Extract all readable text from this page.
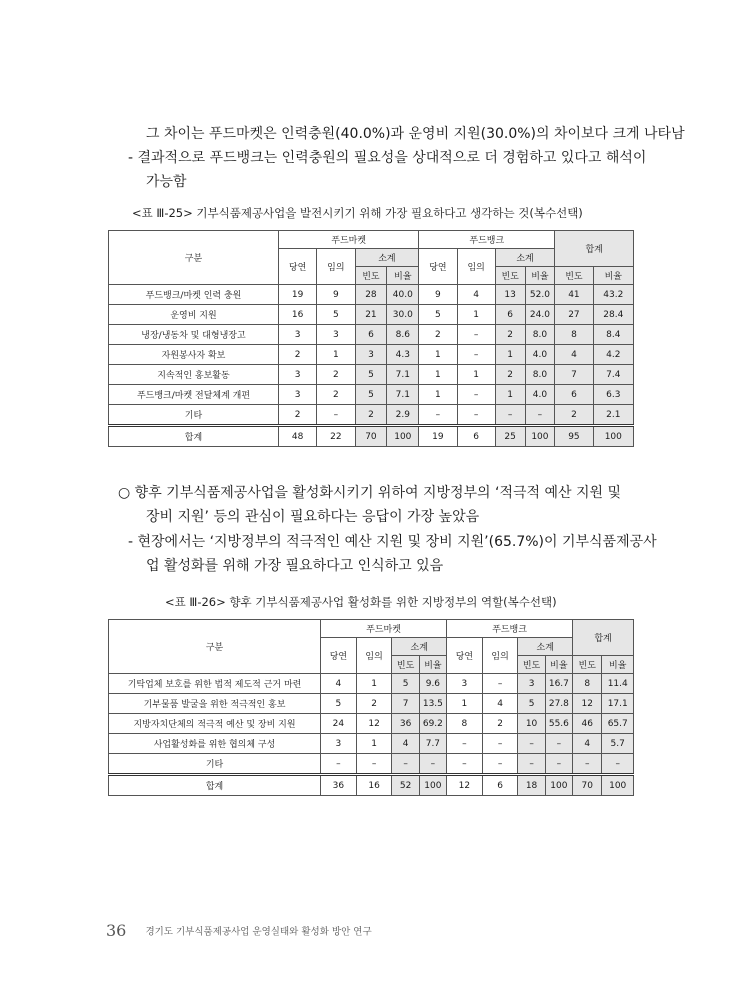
그 차이는 푸드마켓은 인력충원(40.0%)과 운영비 지원(30.0%)의 차이보다 크게 나타남
- 결과적으로 푸드뱅크는 인력충원의 필요성을 상대적으로 더 경험하고 있다고 해석이
가능함
<표 Ⅲ-25> 기부식품제공사업을 발전시키기 위해 가장 필요하다고 생각하는 것(복수선택)
구분	푸드마켓				푸드뱅크				합계	
	당연	임의	소계		당연	임의	소계			
			빈도	비율			빈도	비율	빈도	비율
푸드뱅크/마켓 인력 충원	19	9	28	40.0	9	4	13	52.0	41	43.2
운영비 지원	16	5	21	30.0	5	1	6	24.0	27	28.4
냉장/냉동차 및 대형냉장고	3	3	6	8.6	2	–	2	8.0	8	8.4
자원봉사자 확보	2	1	3	4.3	1	–	1	4.0	4	4.2
지속적인 홍보활동	3	2	5	7.1	1	1	2	8.0	7	7.4
푸드뱅크/마켓 전달체계 개편	3	2	5	7.1	1	–	1	4.0	6	6.3
기타	2	–	2	2.9	–	–	–	–	2	2.1
합계	48	22	70	100	19	6	25	100	95	100
○ 향후 기부식품제공사업을 활성화시키기 위하여 지방정부의 ‘적극적 예산 지원 및
장비 지원’ 등의 관심이 필요하다는 응답이 가장 높았음
- 현장에서는 ‘지방정부의 적극적인 예산 지원 및 장비 지원’(65.7%)이 기부식품제공사
업 활성화를 위해 가장 필요하다고 인식하고 있음
<표 Ⅲ-26> 향후 기부식품제공사업 활성화를 위한 지방정부의 역할(복수선택)
구분	푸드마켓				푸드뱅크				합계	
	당연	임의	소계		당연	임의	소계			
			빈도	비율			빈도	비율	빈도	비율
기탁업체 보호를 위한 법적 제도적 근거 마련	4	1	5	9.6	3	–	3	16.7	8	11.4
기부물품 발굴을 위한 적극적인 홍보	5	2	7	13.5	1	4	5	27.8	12	17.1
지방자치단체의 적극적 예산 및 장비 지원	24	12	36	69.2	8	2	10	55.6	46	65.7
사업활성화를 위한 협의체 구성	3	1	4	7.7	–	–	–	–	4	5.7
기타	–	–	–	–	–	–	–	–	–	–
합계	36	16	52	100	12	6	18	100	70	100
36 경기도 기부식품제공사업 운영실태와 활성화 방안 연구
